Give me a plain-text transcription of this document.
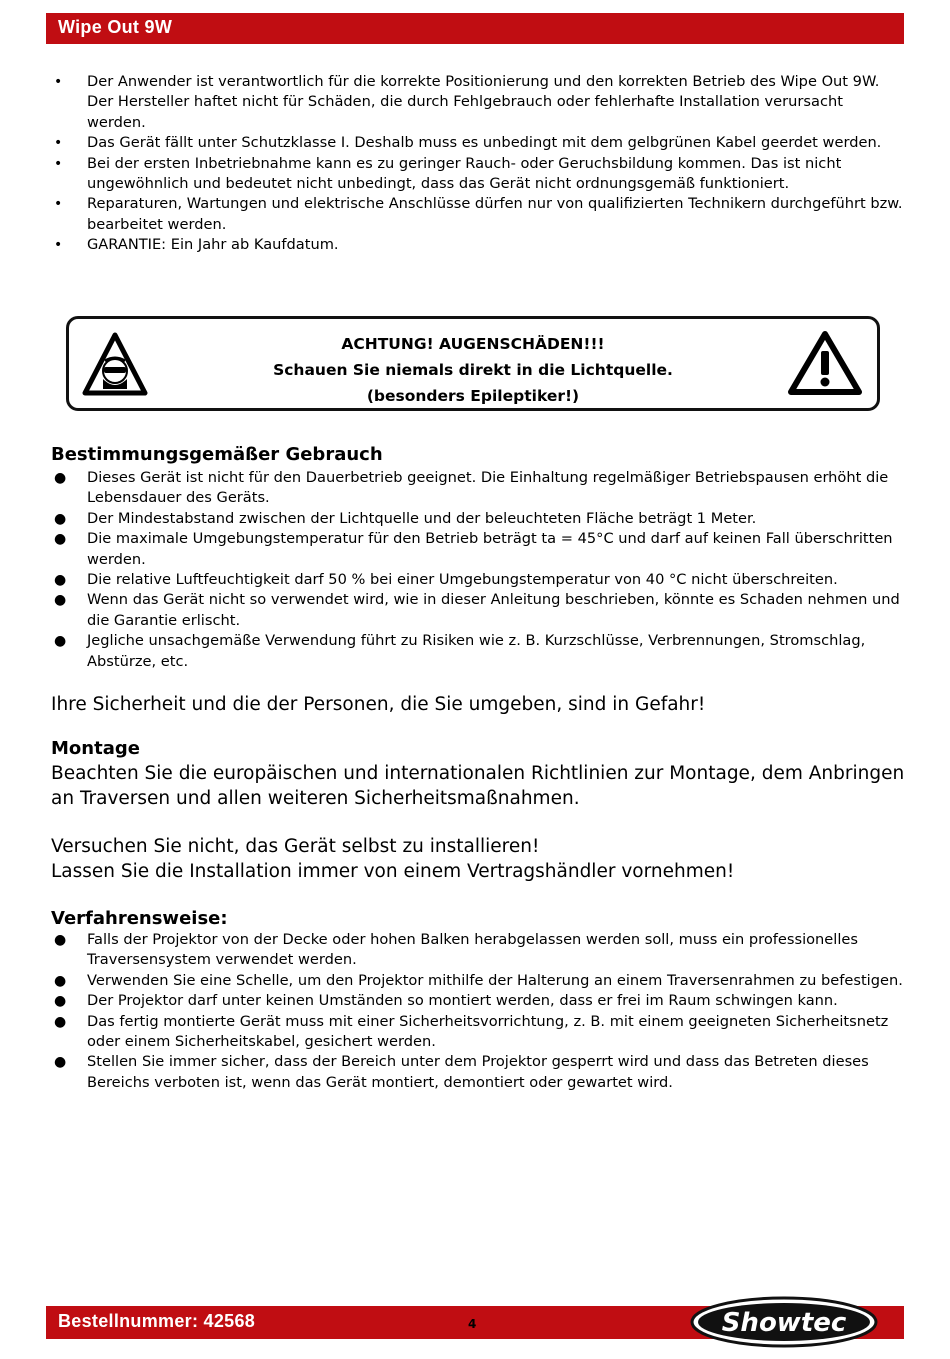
Wipe Out 9W
• Der Anwender ist verantwortlich für die korrekte Positionierung und den korrekten Betrieb des Wipe Out 9W. Der Hersteller haftet nicht für Schäden, die durch Fehlgebrauch oder fehlerhafte Installation verursacht werden.
• Das Gerät fällt unter Schutzklasse I. Deshalb muss es unbedingt mit dem gelbgrünen Kabel geerdet werden.
• Bei der ersten Inbetriebnahme kann es zu geringer Rauch- oder Geruchsbildung kommen. Das ist nicht ungewöhnlich und bedeutet nicht unbedingt, dass das Gerät nicht ordnungsgemäß funktioniert.
• Reparaturen, Wartungen und elektrische Anschlüsse dürfen nur von qualifizierten Technikern durchgeführt bzw. bearbeitet werden.
• GARANTIE: Ein Jahr ab Kaufdatum.
ACHTUNG! AUGENSCHÄDEN!!!
Schauen Sie niemals direkt in die Lichtquelle.
(besonders Epileptiker!)
Bestimmungsgemäßer Gebrauch
● Dieses Gerät ist nicht für den Dauerbetrieb geeignet. Die Einhaltung regelmäßiger Betriebspausen erhöht die Lebensdauer des Geräts.
● Der Mindestabstand zwischen der Lichtquelle und der beleuchteten Fläche beträgt 1 Meter.
● Die maximale Umgebungstemperatur für den Betrieb beträgt ta = 45°C und darf auf keinen Fall überschritten werden.
● Die relative Luftfeuchtigkeit darf 50 % bei einer Umgebungstemperatur von 40 °C nicht überschreiten.
● Wenn das Gerät nicht so verwendet wird, wie in dieser Anleitung beschrieben, könnte es Schaden nehmen und die Garantie erlischt.
● Jegliche unsachgemäße Verwendung führt zu Risiken wie z. B. Kurzschlüsse, Verbrennungen, Stromschlag, Abstürze, etc.

Ihre Sicherheit und die der Personen, die Sie umgeben, sind in Gefahr!

Montage

Beachten Sie die europäischen und internationalen Richtlinien zur Montage, dem Anbringen an Traversen und allen weiteren Sicherheitsmaßnahmen.

Versuchen Sie nicht, das Gerät selbst zu installieren!

Lassen Sie die Installation immer von einem Vertragshändler vornehmen!

Verfahrensweise:
● Falls der Projektor von der Decke oder hohen Balken herabgelassen werden soll, muss ein professionelles Traversensystem verwendet werden.
● Verwenden Sie eine Schelle, um den Projektor mithilfe der Halterung an einem Traversenrahmen zu befestigen.
● Der Projektor darf unter keinen Umständen so montiert werden, dass er frei im Raum schwingen kann.
● Das fertig montierte Gerät muss mit einer Sicherheitsvorrichtung, z. B. mit einem geeigneten Sicherheitsnetz oder einem Sicherheitskabel, gesichert werden.
● Stellen Sie immer sicher, dass der Bereich unter dem Projektor gesperrt wird und dass das Betreten dieses Bereichs verboten ist, wenn das Gerät montiert, demontiert oder gewartet wird.
Bestellnummer: 42568	4	Showtec
